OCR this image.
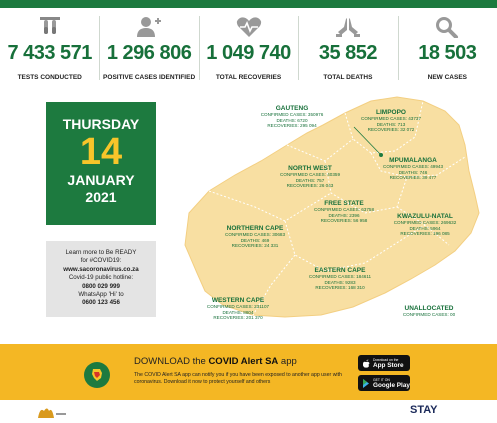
7 433 571
TESTS CONDUCTED
1 296 806
POSITIVE CASES IDENTIFIED
1 049 740
TOTAL RECOVERIES
35 852
TOTAL DEATHS
18 503
NEW CASES
THURSDAY
14
JANUARY
2021
Learn more to Be READY
for #COVID19:
www.sacoronavirus.co.za
Covid-19 public hotline:
0800 029 999
WhatsApp 'Hi' to
0600 123 456
GAUTENG
CONFIRMED CASES: 350976
DEATHS: 6720
RECOVERIES: 295 094
LIMPOPO
CONFIRMED CASES: 43737
DEATHS: 713
RECOVERIES: 32 072
MPUMALANGA
CONFIRMED CASES: 49943
DEATHS: 746
RECOVERIES: 39 477
NORTH WEST
CONFIRMED CASES: 40359
DEATHS: 757
RECOVERIES: 26 043
FREE STATE
CONFIRMED CASES: 63758
DEATHS: 2396
RECOVERIES: 56 958
KWAZULU-NATAL
CONFIRMED CASES: 269632
DEATHS: 5964
RECOVERIES: 196 085
NORTHERN CAPE
CONFIRMED CASES: 30683
DEATHS: 469
RECOVERIES: 24 331
EASTERN CAPE
CONFIRMED CASES: 184611
DEATHS: 9283
RECOVERIES: 168 310
WESTERN CAPE
CONFIRMED CASES: 231107
DEATHS: 8804
RECOVERIES: 201 370
UNALLOCATED
CONFIRMED CASES: 00
DOWNLOAD the COVID Alert SA app
The COVID Alert SA app can notify you if you have been exposed to another app user with coronavirus. Download it now to protect yourself and others
Download on the
App Store
GET IT ON
Google Play
STAY
